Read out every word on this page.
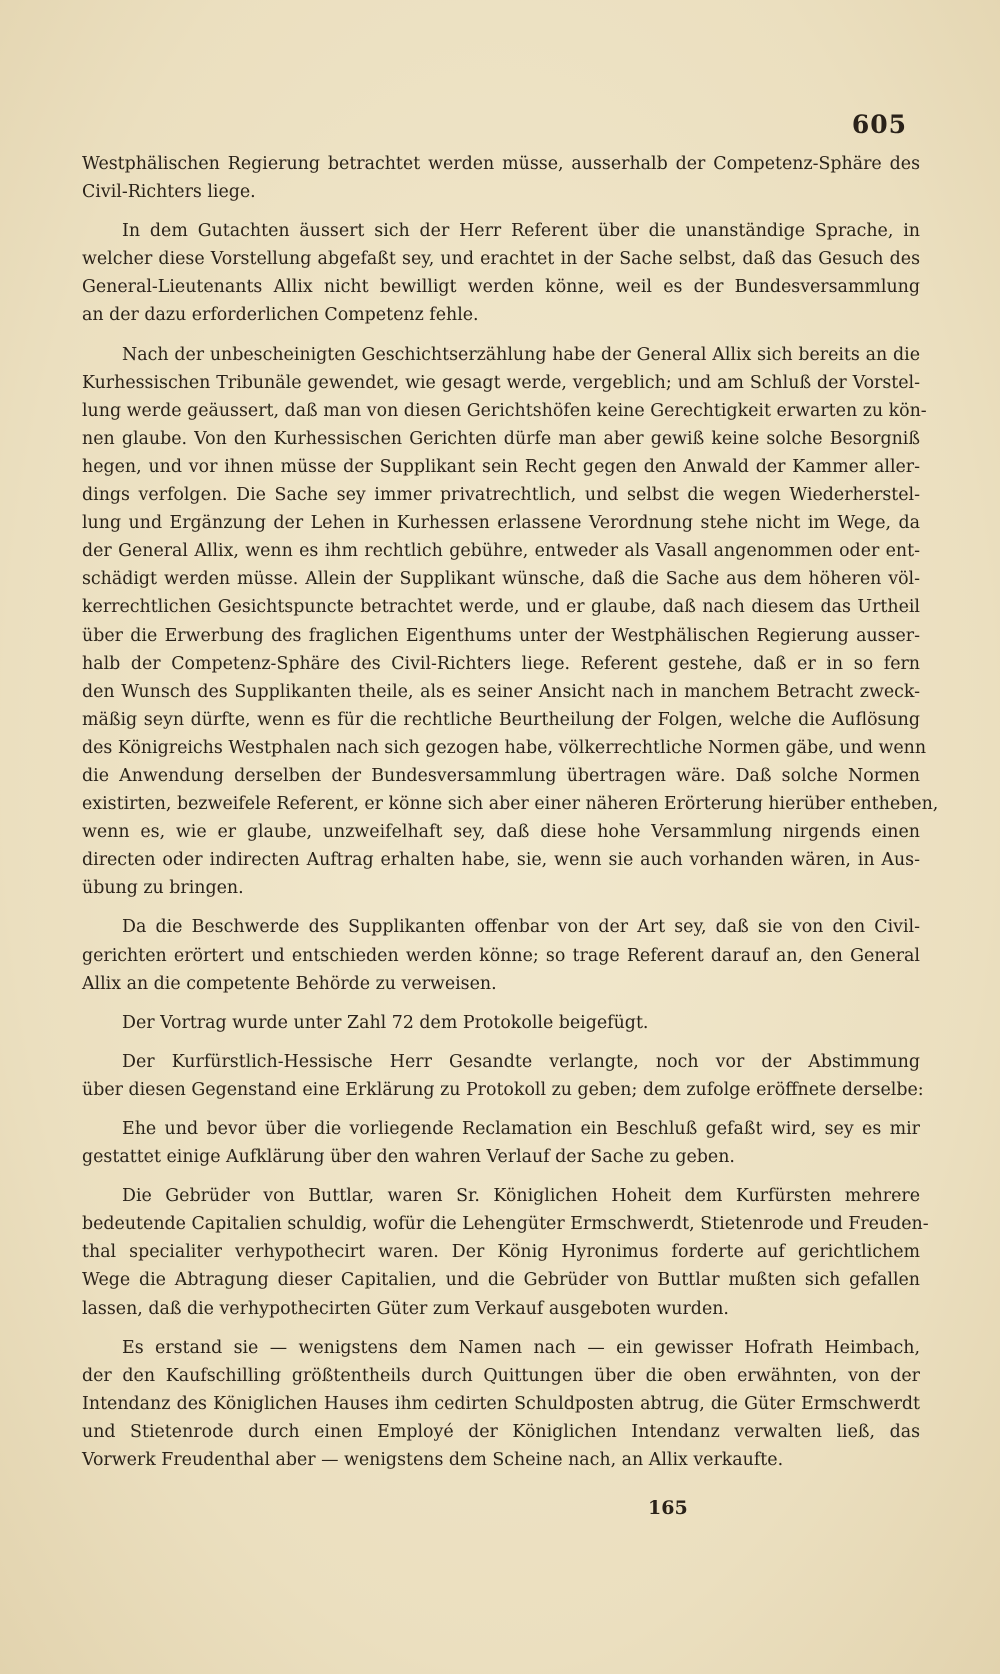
605

Westphälischen Regierung betrachtet werden müsse, ausserhalb der Competenz-Sphäre des

Civil-Richters liege.

In dem Gutachten äussert sich der Herr Referent über die unanständige Sprache, in

welcher diese Vorstellung abgefaßt sey, und erachtet in der Sache selbst, daß das Gesuch des

General-Lieutenants Allix nicht bewilligt werden könne, weil es der Bundesversammlung

an der dazu erforderlichen Competenz fehle.

Nach der unbescheinigten Geschichtserzählung habe der General Allix sich bereits an die

Kurhessischen Tribunäle gewendet, wie gesagt werde, vergeblich; und am Schluß der Vorstel-

lung werde geäussert, daß man von diesen Gerichtshöfen keine Gerechtigkeit erwarten zu kön-

nen glaube. Von den Kurhessischen Gerichten dürfe man aber gewiß keine solche Besorgniß

hegen, und vor ihnen müsse der Supplikant sein Recht gegen den Anwald der Kammer aller-

dings verfolgen. Die Sache sey immer privatrechtlich, und selbst die wegen Wiederherstel-

lung und Ergänzung der Lehen in Kurhessen erlassene Verordnung stehe nicht im Wege, da

der General Allix, wenn es ihm rechtlich gebühre, entweder als Vasall angenommen oder ent-

schädigt werden müsse. Allein der Supplikant wünsche, daß die Sache aus dem höheren völ-

kerrechtlichen Gesichtspuncte betrachtet werde, und er glaube, daß nach diesem das Urtheil

über die Erwerbung des fraglichen Eigenthums unter der Westphälischen Regierung ausser-

halb der Competenz-Sphäre des Civil-Richters liege. Referent gestehe, daß er in so fern

den Wunsch des Supplikanten theile, als es seiner Ansicht nach in manchem Betracht zweck-

mäßig seyn dürfte, wenn es für die rechtliche Beurtheilung der Folgen, welche die Auflösung

des Königreichs Westphalen nach sich gezogen habe, völkerrechtliche Normen gäbe, und wenn

die Anwendung derselben der Bundesversammlung übertragen wäre. Daß solche Normen

existirten, bezweifele Referent, er könne sich aber einer näheren Erörterung hierüber entheben,

wenn es, wie er glaube, unzweifelhaft sey, daß diese hohe Versammlung nirgends einen

directen oder indirecten Auftrag erhalten habe, sie, wenn sie auch vorhanden wären, in Aus-

übung zu bringen.

Da die Beschwerde des Supplikanten offenbar von der Art sey, daß sie von den Civil-

gerichten erörtert und entschieden werden könne; so trage Referent darauf an, den General

Allix an die competente Behörde zu verweisen.

Der Vortrag wurde unter Zahl 72 dem Protokolle beigefügt.

Der Kurfürstlich-Hessische Herr Gesandte verlangte, noch vor der Abstimmung

über diesen Gegenstand eine Erklärung zu Protokoll zu geben; dem zufolge eröffnete derselbe:

Ehe und bevor über die vorliegende Reclamation ein Beschluß gefaßt wird, sey es mir

gestattet einige Aufklärung über den wahren Verlauf der Sache zu geben.

Die Gebrüder von Buttlar, waren Sr. Königlichen Hoheit dem Kurfürsten mehrere

bedeutende Capitalien schuldig, wofür die Lehengüter Ermschwerdt, Stietenrode und Freuden-

thal specialiter verhypothecirt waren. Der König Hyronimus forderte auf gerichtlichem

Wege die Abtragung dieser Capitalien, und die Gebrüder von Buttlar mußten sich gefallen

lassen, daß die verhypothecirten Güter zum Verkauf ausgeboten wurden.

Es erstand sie — wenigstens dem Namen nach — ein gewisser Hofrath Heimbach,

der den Kaufschilling größtentheils durch Quittungen über die oben erwähnten, von der

Intendanz des Königlichen Hauses ihm cedirten Schuldposten abtrug, die Güter Ermschwerdt

und Stietenrode durch einen Employé der Königlichen Intendanz verwalten ließ, das

Vorwerk Freudenthal aber — wenigstens dem Scheine nach, an Allix verkaufte.

165
